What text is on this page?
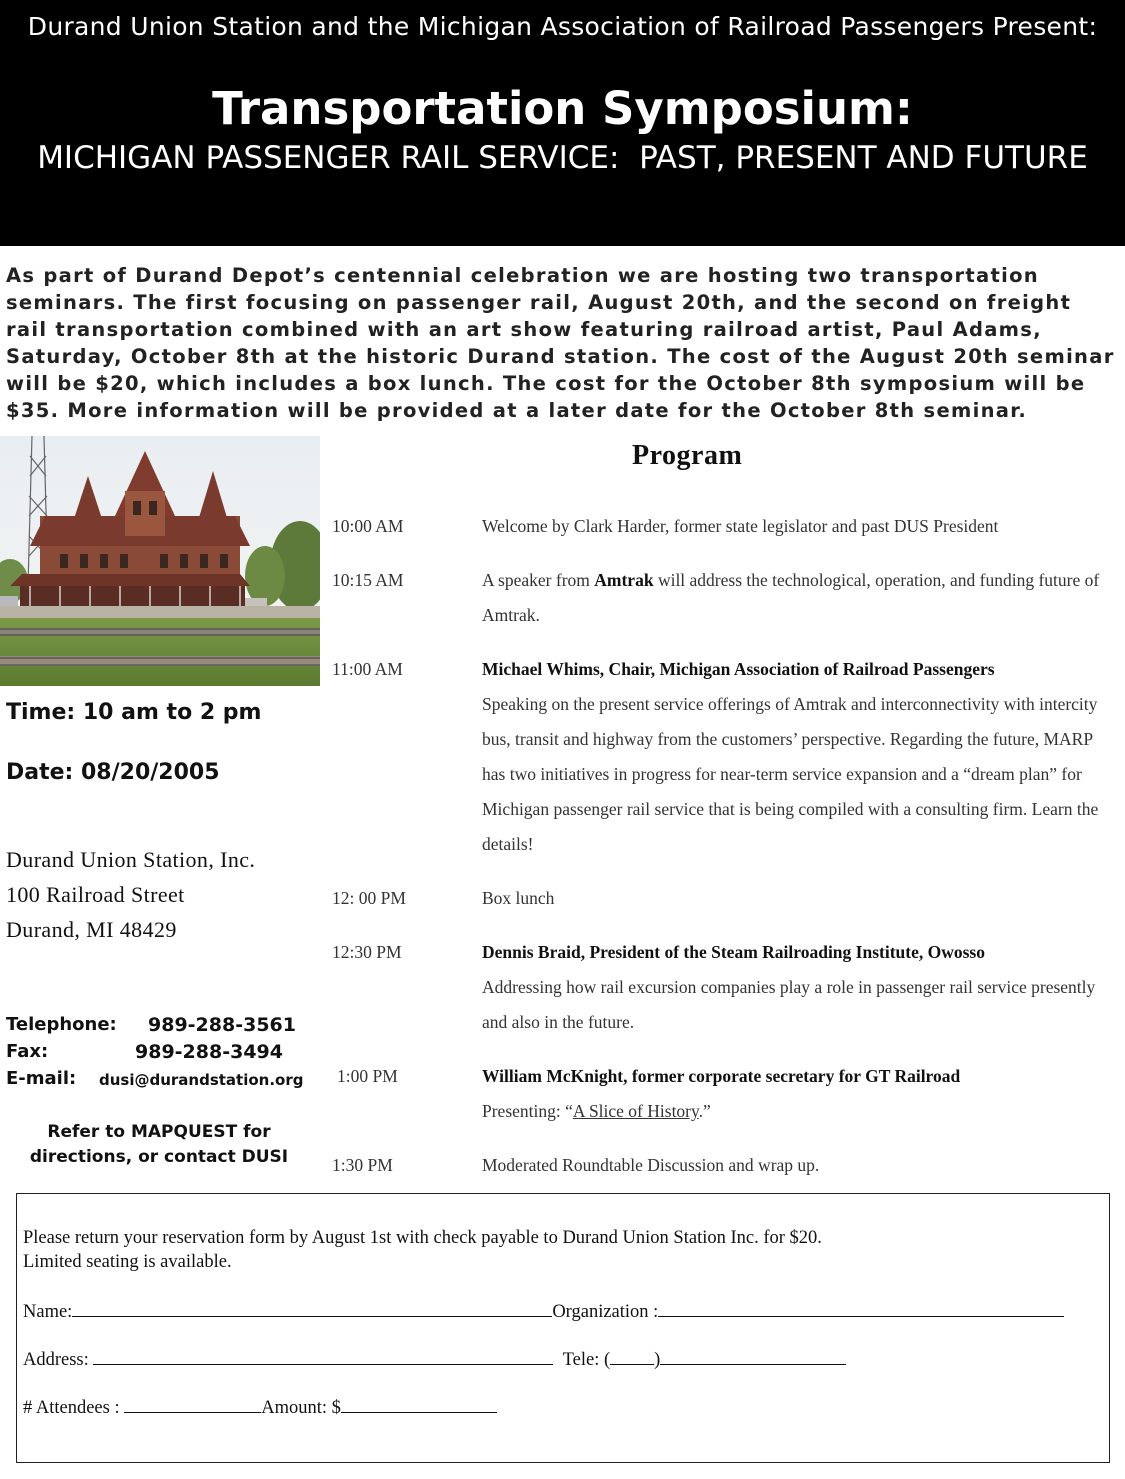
Durand Union Station and the Michigan Association of Railroad Passengers Present:
Transportation Symposium:
MICHIGAN PASSENGER RAIL SERVICE:  PAST, PRESENT AND FUTURE
As part of Durand Depot’s centennial celebration we are hosting two transportation seminars. The first focusing on passenger rail, August 20th, and the second on freight rail transportation combined with an art show featuring railroad artist, Paul Adams, Saturday, October 8th at the historic Durand station. The cost of the August 20th seminar will be $20, which includes a box lunch. The cost for the October 8th symposium will be $35. More information will be provided at a later date for the October 8th seminar.
Time: 10 am to 2 pm
Date: 08/20/2005
Durand Union Station, Inc.
100 Railroad Street
Durand, MI 48429
Telephone: 989-288-3561
Fax:	989-288-3494
E-mail: dusi@durandstation.org
Refer to MAPQUEST for
directions, or contact DUSI
Program
10:00 AM	Welcome by Clark Harder, former state legislator and past DUS President
10:15 AM	A speaker from Amtrak will address the technological, operation, and funding future of Amtrak.
11:00 AM	Michael Whims, Chair, Michigan Association of Railroad Passengers
Speaking on the present service offerings of Amtrak and interconnectivity with intercity bus, transit and highway from the customers’ perspective. Regarding the future, MARP has two initiatives in progress for near-term service expansion and a “dream plan” for Michigan passenger rail service that is being compiled with a consulting firm. Learn the details!
12: 00 PM	Box lunch
12:30 PM	Dennis Braid, President of the Steam Railroading Institute, Owosso
Addressing how rail excursion companies play a role in passenger rail service presently and also in the future.
1:00 PM	William McKnight, former corporate secretary for GT Railroad
Presenting: “A Slice of History.”
1:30 PM	Moderated Roundtable Discussion and wrap up.
Please return your reservation form by August 1st with check payable to Durand Union Station Inc. for $20.
Limited seating is available.
Name:	Organization :
Address:	Tele: ( )
# Attendees :	Amount: $
